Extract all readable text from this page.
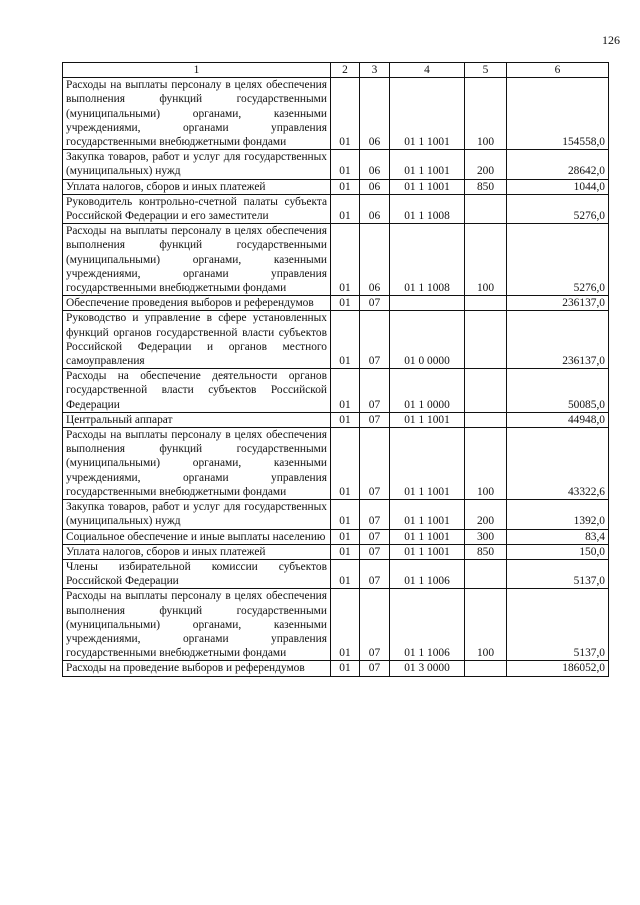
126
1	2	3	4	5	6
Расходы на выплаты персоналу в целях обеспечения выполнения функций государственными (муниципальными) органами, казенными учреждениями, органами управления государственными внебюджетными фондами	01	06	01 1 1001	100	154558,0
Закупка товаров, работ и услуг для государственных (муниципальных) нужд	01	06	01 1 1001	200	28642,0
Уплата налогов, сборов и иных платежей	01	06	01 1 1001	850	1044,0
Руководитель контрольно-счетной палаты субъекта Российской Федерации и его заместители	01	06	01 1 1008		5276,0
Расходы на выплаты персоналу в целях обеспечения выполнения функций государственными (муниципальными) органами, казенными учреждениями, органами управления государственными внебюджетными фондами	01	06	01 1 1008	100	5276,0
Обеспечение проведения выборов и референдумов	01	07			236137,0
Руководство и управление в сфере установленных функций органов государственной власти субъектов Российской Федерации и органов местного самоуправления	01	07	01 0 0000		236137,0
Расходы на обеспечение деятельности органов государственной власти субъектов Российской Федерации	01	07	01 1 0000		50085,0
Центральный аппарат	01	07	01 1 1001		44948,0
Расходы на выплаты персоналу в целях обеспечения выполнения функций государственными (муниципальными) органами, казенными учреждениями, органами управления государственными внебюджетными фондами	01	07	01 1 1001	100	43322,6
Закупка товаров, работ и услуг для государственных (муниципальных) нужд	01	07	01 1 1001	200	1392,0
Социальное обеспечение и иные выплаты населению	01	07	01 1 1001	300	83,4
Уплата налогов, сборов и иных платежей	01	07	01 1 1001	850	150,0
Члены избирательной комиссии субъектов Российской Федерации	01	07	01 1 1006		5137,0
Расходы на выплаты персоналу в целях обеспечения выполнения функций государственными (муниципальными) органами, казенными учреждениями, органами управления государственными внебюджетными фондами	01	07	01 1 1006	100	5137,0
Расходы на проведение выборов и референдумов	01	07	01 3 0000		186052,0
